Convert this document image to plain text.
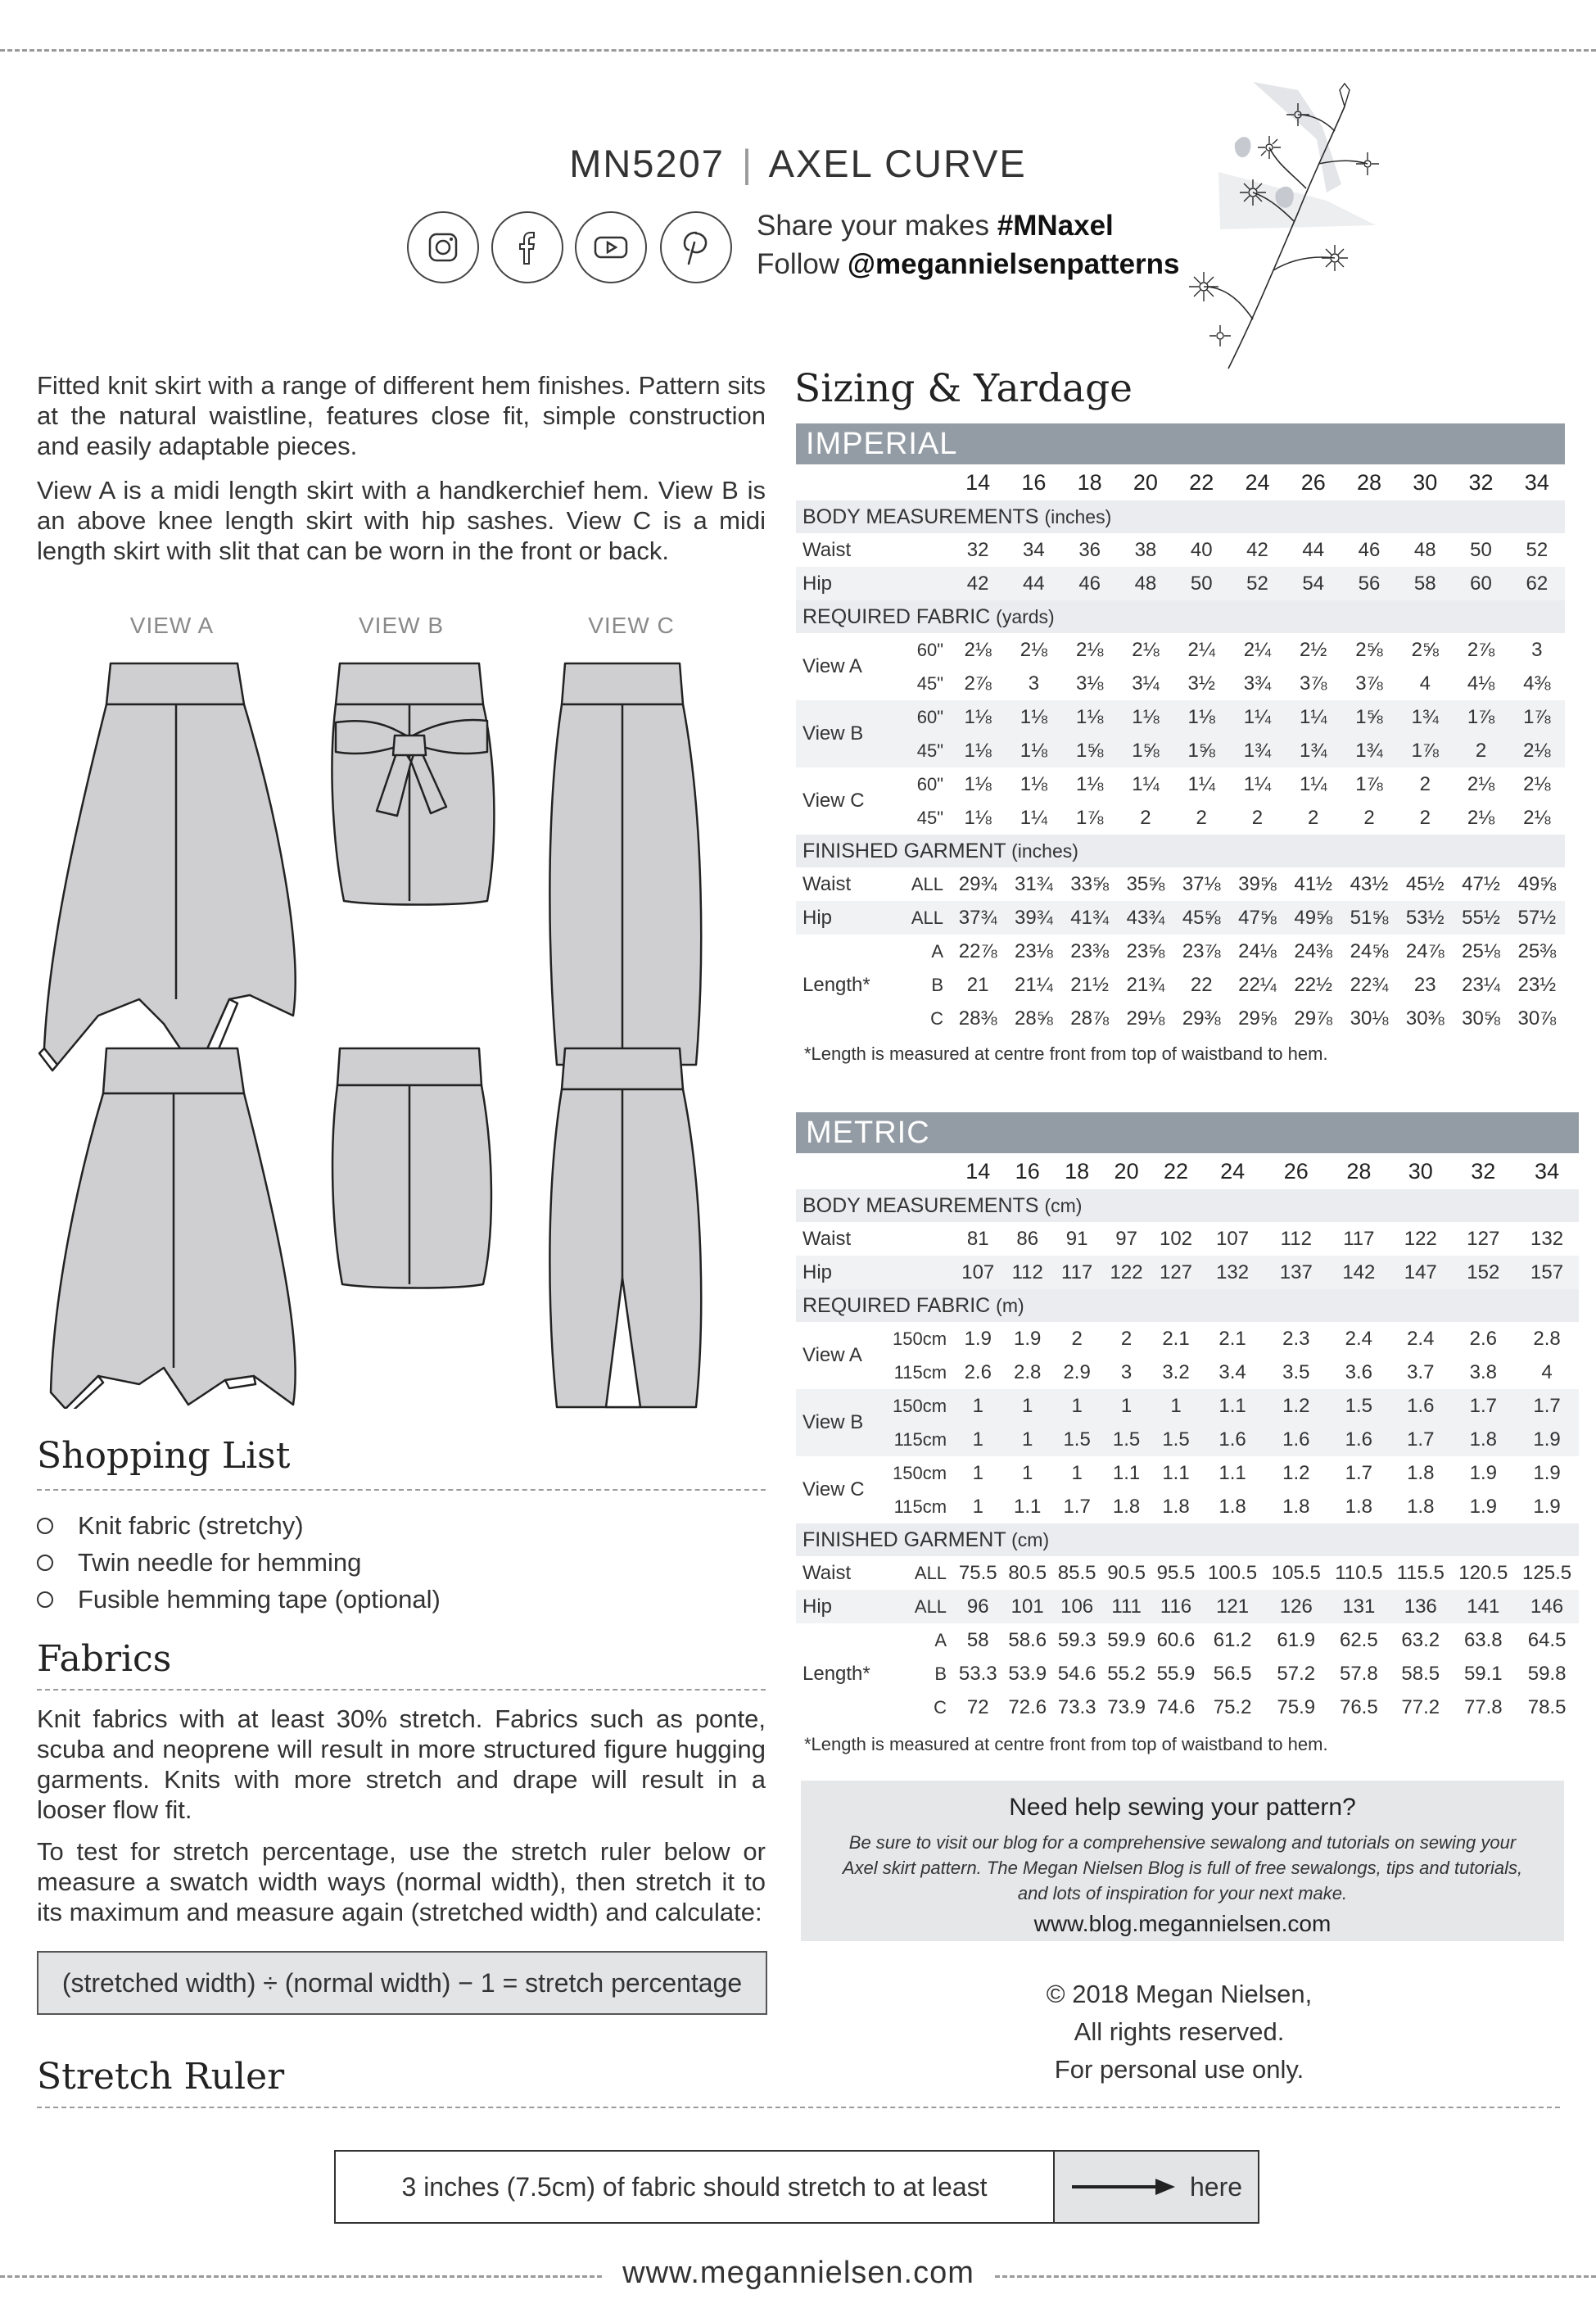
MN5207 | AXEL CURVE
Share your makes #MNaxel
Follow @megannielsenpatterns
Fitted knit skirt with a range of different hem finishes. Pattern sits at the natural waistline, features close fit, simple construction and easily adaptable pieces.
View A is a midi length skirt with a handkerchief hem. View B is an above knee length skirt with hip sashes. View C is a midi length skirt with slit that can be worn in the front or back.
VIEW A	VIEW B	VIEW C
Shopping List
Knit fabric (stretchy)
Twin needle for hemming
Fusible hemming tape (optional)
Fabrics
Knit fabrics with at least 30% stretch. Fabrics such as ponte, scuba and neoprene will result in more structured figure hugging garments. Knits with more stretch and drape will result in a looser flow fit.
To test for stretch percentage, use the stretch ruler below or measure a swatch width ways (normal width), then stretch it to its maximum and measure again (stretched width) and calculate:
(stretched width) ÷ (normal width) − 1 = stretch percentage
Stretch Ruler
3 inches (7.5cm) of fabric should stretch to at least	here
www.megannielsen.com
Sizing & Yardage
IMPERIAL												
		14	16	18	20	22	24	26	28	30	32	34
BODY MEASUREMENTS (inches)												
Waist		32	34	36	38	40	42	44	46	48	50	52
Hip		42	44	46	48	50	52	54	56	58	60	62
REQUIRED FABRIC (yards)												
View A	60"	2⅛	2⅛	2⅛	2⅛	2¼	2¼	2½	2⅝	2⅝	2⅞	3
	45"	2⅞	3	3⅛	3¼	3½	3¾	3⅞	3⅞	4	4⅛	4⅜
View B	60"	1⅛	1⅛	1⅛	1⅛	1⅛	1¼	1¼	1⅝	1¾	1⅞	1⅞
	45"	1⅛	1⅛	1⅝	1⅝	1⅝	1¾	1¾	1¾	1⅞	2	2⅛
View C	60"	1⅛	1⅛	1⅛	1¼	1¼	1¼	1¼	1⅞	2	2⅛	2⅛
	45"	1⅛	1¼	1⅞	2	2	2	2	2	2	2⅛	2⅛
FINISHED GARMENT (inches)												
Waist	ALL	29¾	31¾	33⅝	35⅝	37⅛	39⅝	41½	43½	45½	47½	49⅝
Hip	ALL	37¾	39¾	41¾	43¾	45⅝	47⅝	49⅝	51⅝	53½	55½	57½
Length*	A	22⅞	23⅛	23⅜	23⅝	23⅞	24⅛	24⅜	24⅝	24⅞	25⅛	25⅜
	B	21	21¼	21½	21¾	22	22¼	22½	22¾	23	23¼	23½
	C	28⅜	28⅝	28⅞	29⅛	29⅜	29⅝	29⅞	30⅛	30⅜	30⅝	30⅞
*Length is measured at centre front from top of waistband to hem.
METRIC												
		14	16	18	20	22	24	26	28	30	32	34
BODY MEASUREMENTS (cm)												
Waist		81	86	91	97	102	107	112	117	122	127	132
Hip		107	112	117	122	127	132	137	142	147	152	157
REQUIRED FABRIC (m)												
View A	150cm	1.9	1.9	2	2	2.1	2.1	2.3	2.4	2.4	2.6	2.8
	115cm	2.6	2.8	2.9	3	3.2	3.4	3.5	3.6	3.7	3.8	4
View B	150cm	1	1	1	1	1	1.1	1.2	1.5	1.6	1.7	1.7
	115cm	1	1	1.5	1.5	1.5	1.6	1.6	1.6	1.7	1.8	1.9
View C	150cm	1	1	1	1.1	1.1	1.1	1.2	1.7	1.8	1.9	1.9
	115cm	1	1.1	1.7	1.8	1.8	1.8	1.8	1.8	1.8	1.9	1.9
FINISHED GARMENT (cm)												
Waist	ALL	75.5	80.5	85.5	90.5	95.5	100.5	105.5	110.5	115.5	120.5	125.5
Hip	ALL	96	101	106	111	116	121	126	131	136	141	146
Length*	A	58	58.6	59.3	59.9	60.6	61.2	61.9	62.5	63.2	63.8	64.5
	B	53.3	53.9	54.6	55.2	55.9	56.5	57.2	57.8	58.5	59.1	59.8
	C	72	72.6	73.3	73.9	74.6	75.2	75.9	76.5	77.2	77.8	78.5
*Length is measured at centre front from top of waistband to hem.
Need help sewing your pattern?
Be sure to visit our blog for a comprehensive sewalong and tutorials on sewing your Axel skirt pattern. The Megan Nielsen Blog is full of free sewalongs, tips and tutorials, and lots of inspiration for your next make.
www.blog.megannielsen.com
© 2018 Megan Nielsen,
All rights reserved.
For personal use only.
